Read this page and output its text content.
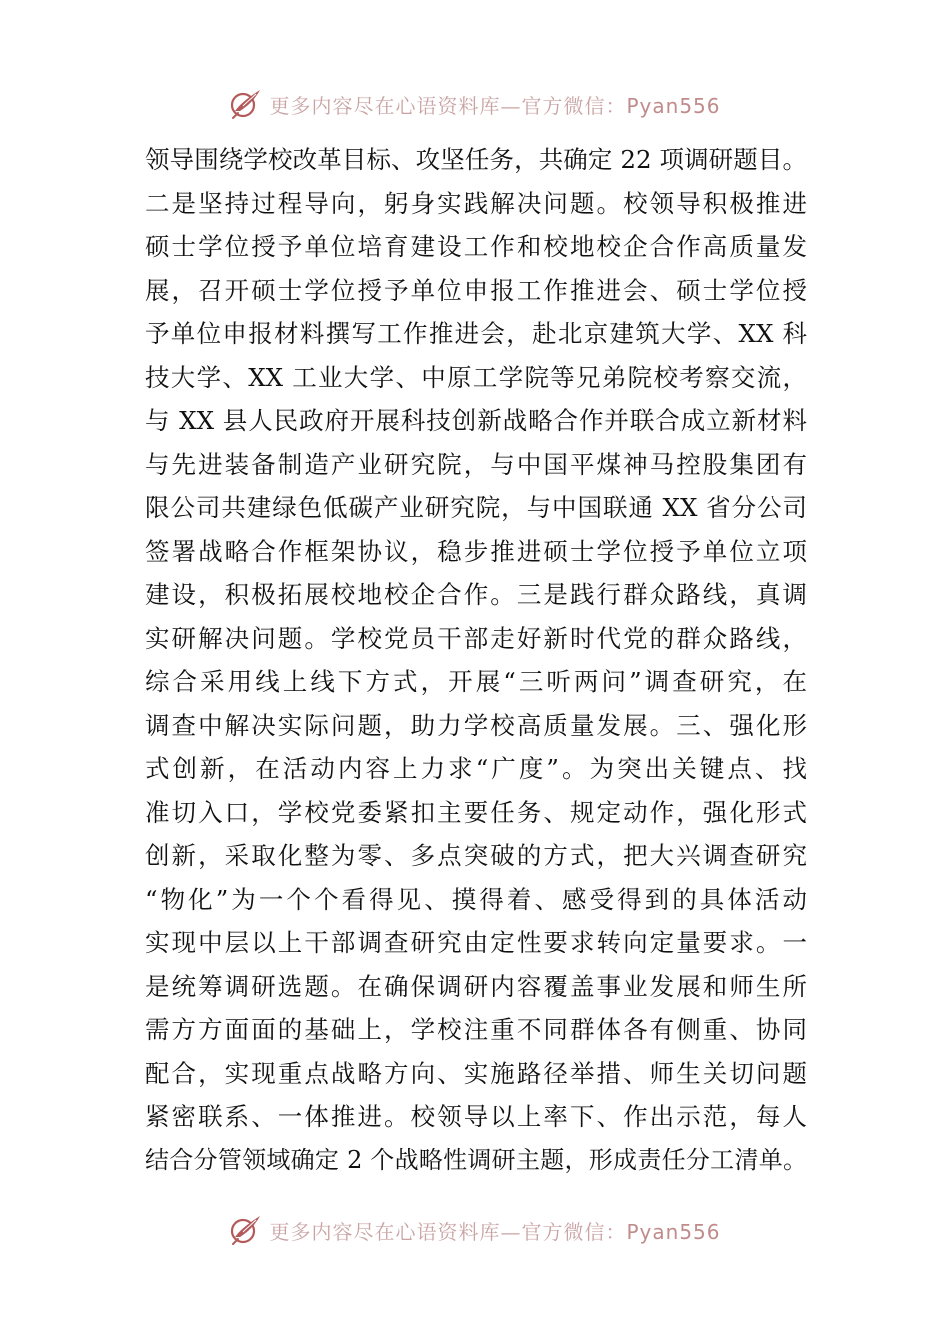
更多内容尽在心语资料库—官方微信：Pyan556
领导围绕学校改革目标、攻坚任务，共确定 22 项调研题目。
二是坚持过程导向，躬身实践解决问题。校领导积极推进
硕士学位授予单位培育建设工作和校地校企合作高质量发
展，召开硕士学位授予单位申报工作推进会、硕士学位授
予单位申报材料撰写工作推进会，赴北京建筑大学、XX 科
技大学、XX 工业大学、中原工学院等兄弟院校考察交流，
与 XX 县人民政府开展科技创新战略合作并联合成立新材料
与先进装备制造产业研究院，与中国平煤神马控股集团有
限公司共建绿色低碳产业研究院，与中国联通 XX 省分公司
签署战略合作框架协议，稳步推进硕士学位授予单位立项
建设，积极拓展校地校企合作。三是践行群众路线，真调
实研解决问题。学校党员干部走好新时代党的群众路线，
综合采用线上线下方式，开展“三听两问”调查研究，在
调查中解决实际问题，助力学校高质量发展。三、强化形
式创新，在活动内容上力求“广度”。为突出关键点、找
准切入口，学校党委紧扣主要任务、规定动作，强化形式
创新，采取化整为零、多点突破的方式，把大兴调查研究
“物化”为一个个看得见、摸得着、感受得到的具体活动
实现中层以上干部调查研究由定性要求转向定量要求。一
是统筹调研选题。在确保调研内容覆盖事业发展和师生所
需方方面面的基础上，学校注重不同群体各有侧重、协同
配合，实现重点战略方向、实施路径举措、师生关切问题
紧密联系、一体推进。校领导以上率下、作出示范，每人
结合分管领域确定 2 个战略性调研主题，形成责任分工清单。
更多内容尽在心语资料库—官方微信：Pyan556
